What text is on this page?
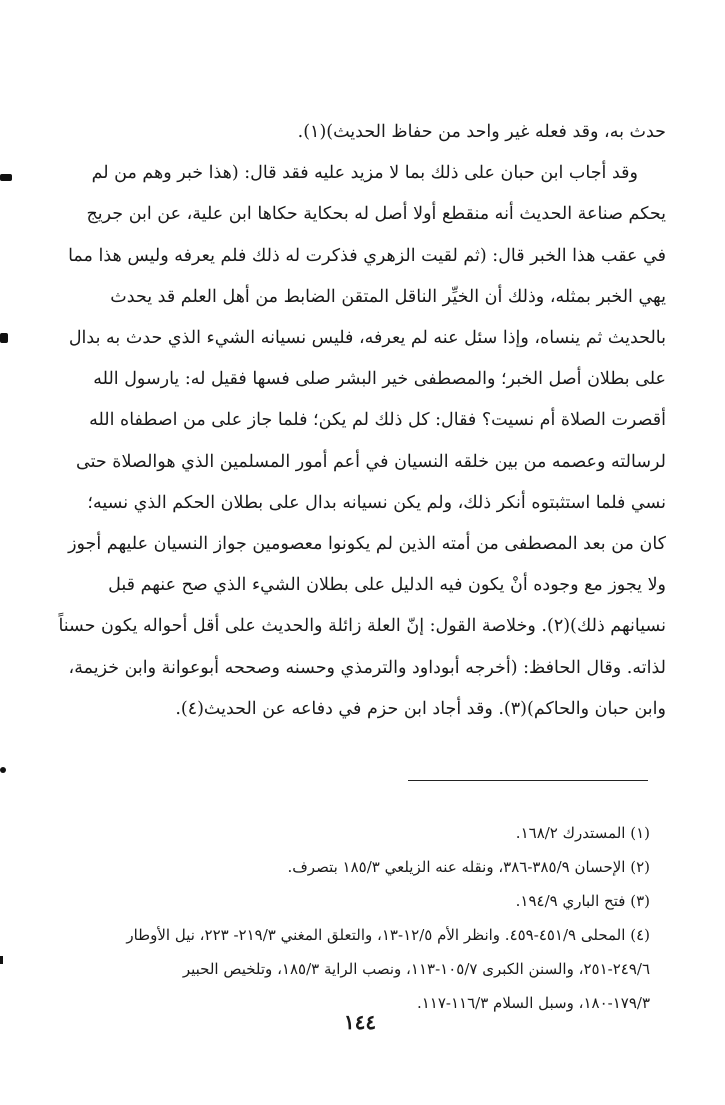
حدث به، وقد فعله غير واحد من حفاظ الحديث)(١).

وقد أجاب ابن حبان على ذلك بما لا مزيد عليه فقد قال: (هذا خبر وهم من لم

يحكم صناعة الحديث أنه منقطع أولا أصل له بحكاية حكاها ابن علية، عن ابن جريج

في عقب هذا الخبر قال: (ثم لقيت الزهري فذكرت له ذلك فلم يعرفه وليس هذا مما

يهي الخبر بمثله، وذلك أن الخيِّر الناقل المتقن الضابط من أهل العلم قد يحدث

بالحديث ثم ينساه، وإذا سئل عنه لم يعرفه، فليس نسيانه الشيء الذي حدث به بدال

على بطلان أصل الخبر؛ والمصطفى خير البشر صلى فسها فقيل له: يارسول الله

أقصرت الصلاة أم نسيت؟ فقال: كل ذلك لم يكن؛ فلما جاز على من اصطفاه الله

لرسالته وعصمه من بين خلقه النسيان في أعم أمور المسلمين الذي هوالصلاة حتى

نسي فلما استثبتوه أنكر ذلك، ولم يكن نسيانه بدال على بطلان الحكم الذي نسيه؛

كان من بعد المصطفى من أمته الذين لم يكونوا معصومين جواز النسيان عليهم أجوز

ولا يجوز مع وجوده أنْ يكون فيه الدليل على بطلان الشيء الذي صح عنهم قبل

نسيانهم ذلك)(٢). وخلاصة القول: إنّ العلة زائلة والحديث على أقل أحواله يكون حسناً

لذاته. وقال الحافظ: (أخرجه أبوداود والترمذي وحسنه وصححه أبوعوانة وابن خزيمة،

وابن حبان والحاكم)(٣). وقد أجاد ابن حزم في دفاعه عن الحديث(٤).

(١) المستدرك ١٦٨/٢.

(٢) الإحسان ٣٨٥/٩-٣٨٦، ونقله عنه الزيلعي ١٨٥/٣ بتصرف.

(٣) فتح الباري ١٩٤/٩.

(٤) المحلى ٤٥١/٩-٤٥٩. وانظر الأم ١٢/٥-١٣، والتعلق المغني ٢١٩/٣- ٢٢٣، نيل الأوطار
٢٤٩/٦-٢٥١، والسنن الكبرى ١٠٥/٧-١١٣، ونصب الراية ١٨٥/٣، وتلخيص الحبير
١٧٩/٣-١٨٠، وسبل السلام ١١٦/٣-١١٧.

١٤٤
